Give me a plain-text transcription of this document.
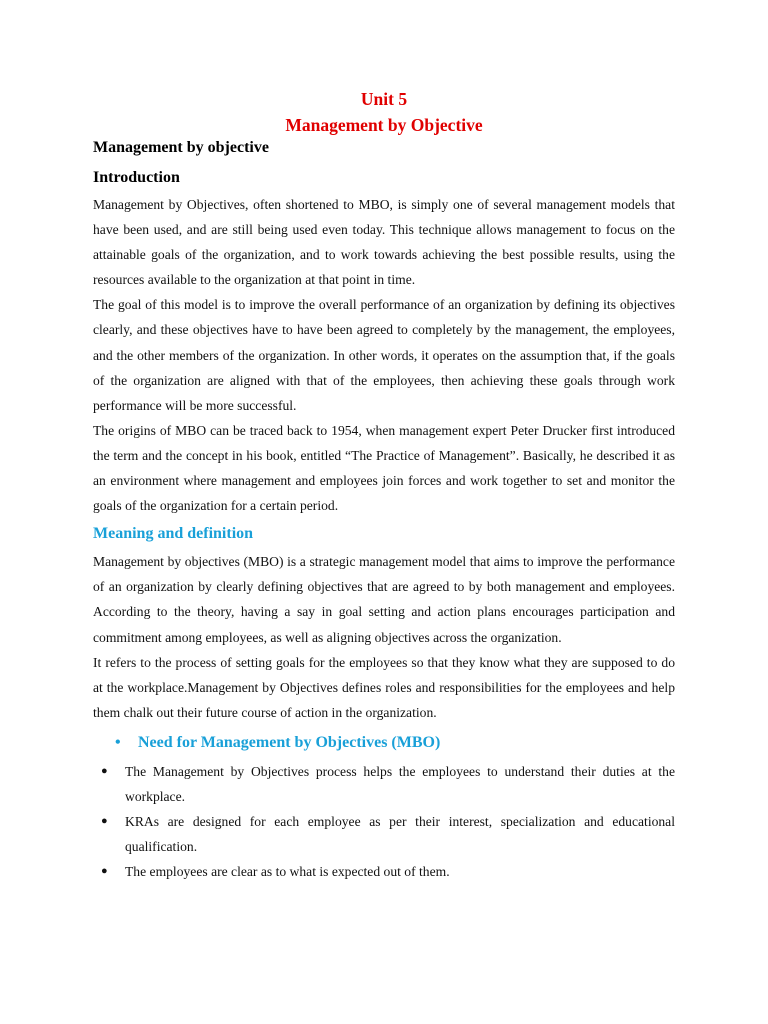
Unit 5

Management by Objective

Management by objective

Introduction

Management by Objectives, often shortened to MBO, is simply one of several management models that have been used, and are still being used even today. This technique allows management to focus on the attainable goals of the organization, and to work towards achieving the best possible results, using the resources available to the organization at that point in time.

The goal of this model is to improve the overall performance of an organization by defining its objectives clearly, and these objectives have to have been agreed to completely by the management, the employees, and the other members of the organization. In other words, it operates on the assumption that, if the goals of the organization are aligned with that of the employees, then achieving these goals through work performance will be more successful.

The origins of MBO can be traced back to 1954, when management expert Peter Drucker first introduced the term and the concept in his book, entitled “The Practice of Management”. Basically, he described it as an environment where management and employees join forces and work together to set and monitor the goals of the organization for a certain period.

Meaning and definition

Management by objectives (MBO) is a strategic management model that aims to improve the performance of an organization by clearly defining objectives that are agreed to by both management and employees. According to the theory, having a say in goal setting and action plans encourages participation and commitment among employees, as well as aligning objectives across the organization.

It refers to the process of setting goals for the employees so that they know what they are supposed to do at the workplace.Management by Objectives defines roles and responsibilities for the employees and help them chalk out their future course of action in the organization.

• Need for Management by Objectives (MBO)
● The Management by Objectives process helps the employees to understand their duties at the workplace.
● KRAs are designed for each employee as per their interest, specialization and educational qualification.
● The employees are clear as to what is expected out of them.
